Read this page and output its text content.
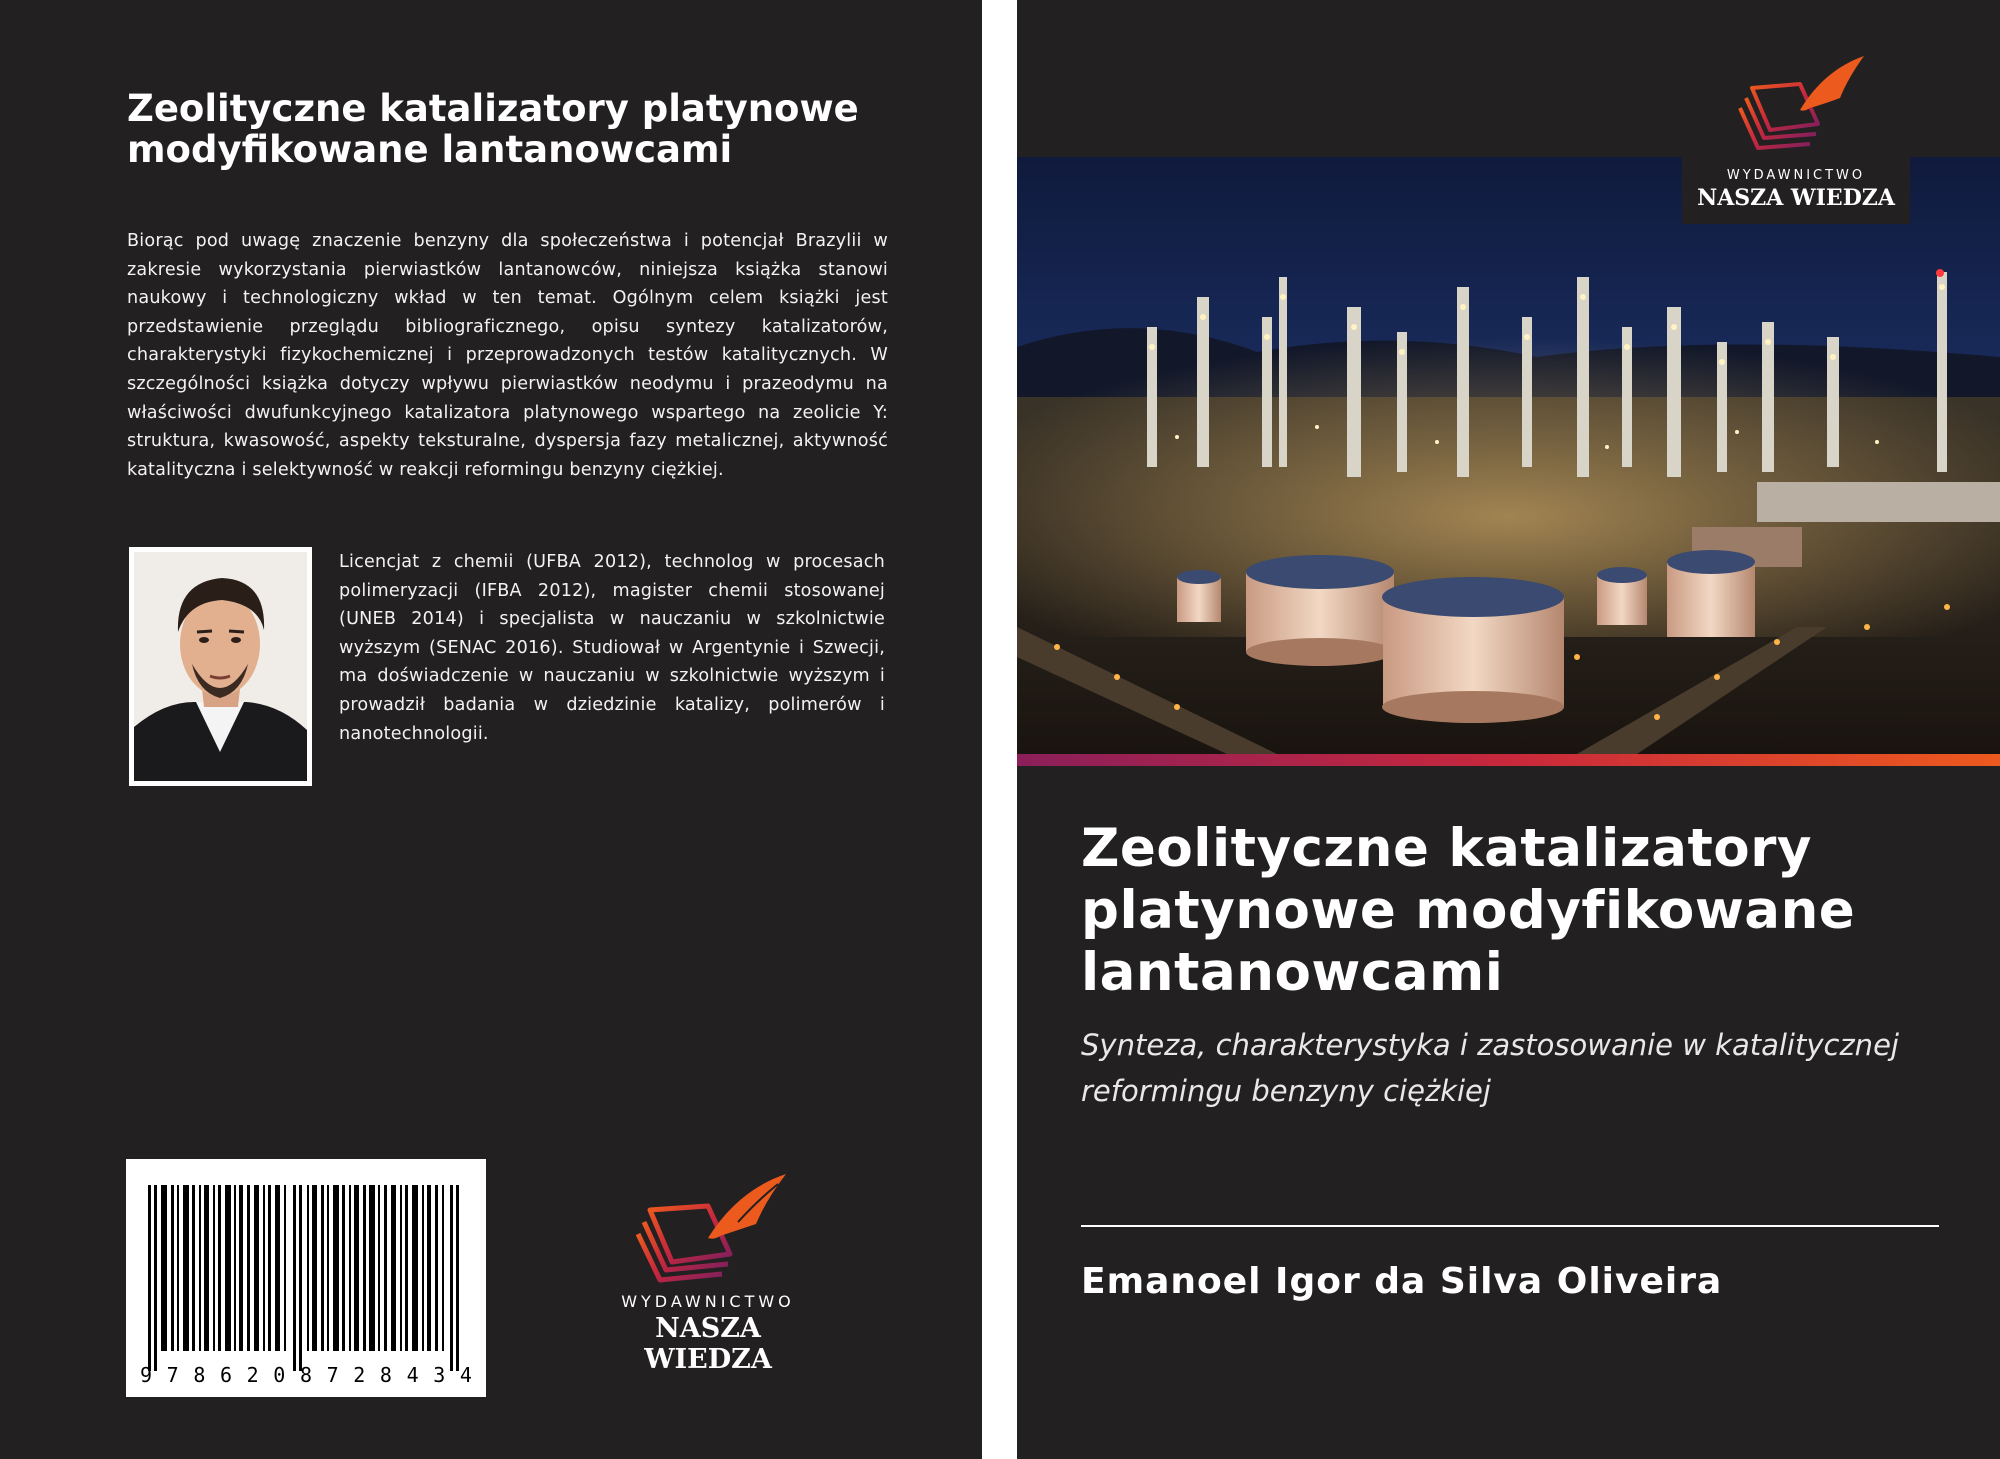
Zeolityczne katalizatory platynowe modyfikowane lantanowcami
Biorąc pod uwagę znaczenie benzyny dla społeczeństwa i potencjał Brazylii w zakresie wykorzystania pierwiastków lantanowców, niniejsza książka stanowi naukowy i technologiczny wkład w ten temat. Ogólnym celem książki jest przedstawienie przeglądu bibliograficznego, opisu syntezy katalizatorów, charakterystyki fizykochemicznej i przeprowadzonych testów katalitycznych. W szczególności książka dotyczy wpływu pierwiastków neodymu i prazeodymu na właściwości dwufunkcyjnego katalizatora platynowego wspartego na zeolicie Y: struktura, kwasowość, aspekty teksturalne, dyspersja fazy metalicznej, aktywność katalityczna i selektywność w reakcji reformingu benzyny ciężkiej.
Licencjat z chemii (UFBA 2012), technolog w procesach polimeryzacji (IFBA 2012), magister chemii stosowanej (UNEB 2014) i specjalista w nauczaniu w szkolnictwie wyższym (SENAC 2016). Studiował w Argentynie i Szwecji, ma doświadczenie w nauczaniu w szkolnictwie wyższym i prowadził badania w dziedzinie katalizy, polimerów i nanotechnologii.
9 7 8 6 2 0 8 7 2 8 4 3 4
WYDAWNICTWO
NASZA WIEDZA
WYDAWNICTWO
NASZA WIEDZA
Zeolityczne katalizatory platynowe modyfikowane lantanowcami
Synteza, charakterystyka i zastosowanie w katalitycznej reformingu benzyny ciężkiej
Emanoel Igor da Silva Oliveira
